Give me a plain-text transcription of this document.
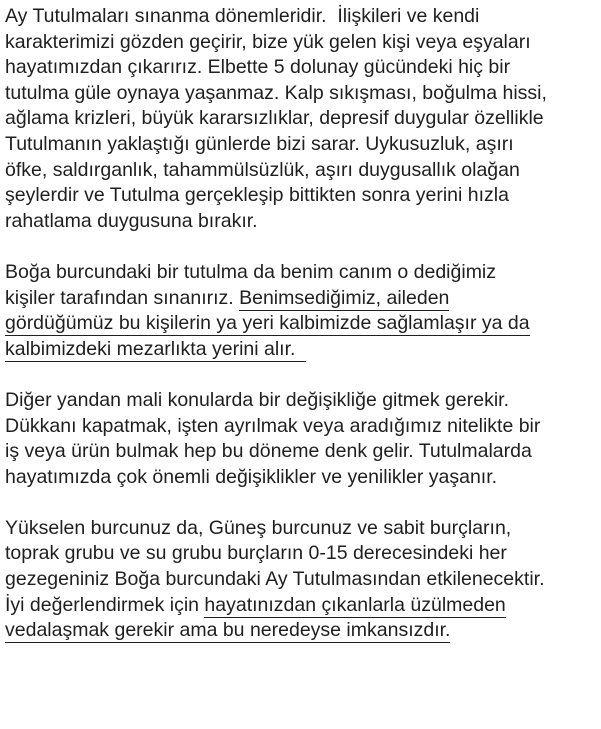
Ay Tutulmaları sınanma dönemleridir.  İlişkileri ve kendi
karakterimizi gözden geçirir, bize yük gelen kişi veya eşyaları
hayatımızdan çıkarırız. Elbette 5 dolunay gücündeki hiç bir
tutulma güle oynaya yaşanmaz. Kalp sıkışması, boğulma hissi,
ağlama krizleri, büyük kararsızlıklar, depresif duygular özellikle
Tutulmanın yaklaştığı günlerde bizi sarar. Uykusuzluk, aşırı
öfke, saldırganlık, tahammülsüzlük, aşırı duygusallık olağan
şeylerdir ve Tutulma gerçekleşip bittikten sonra yerini hızla
rahatlama duygusuna bırakır.
Boğa burcundaki bir tutulma da benim canım o dediğimiz
kişiler tarafından sınanırız. Benimsediğimiz, aileden
gördüğümüz bu kişilerin ya yeri kalbimizde sağlamlaşır ya da
kalbimizdeki mezarlıkta yerini alır.
Diğer yandan mali konularda bir değişikliğe gitmek gerekir.
Dükkanı kapatmak, işten ayrılmak veya aradığımız nitelikte bir
iş veya ürün bulmak hep bu döneme denk gelir. Tutulmalarda
hayatımızda çok önemli değişiklikler ve yenilikler yaşanır.
Yükselen burcunuz da, Güneş burcunuz ve sabit burçların,
toprak grubu ve su grubu burçların 0-15 derecesindeki her
gezegeniniz Boğa burcundaki Ay Tutulmasından etkilenecektir.
İyi değerlendirmek için hayatınızdan çıkanlarla üzülmeden
vedalaşmak gerekir ama bu neredeyse imkansızdır.
